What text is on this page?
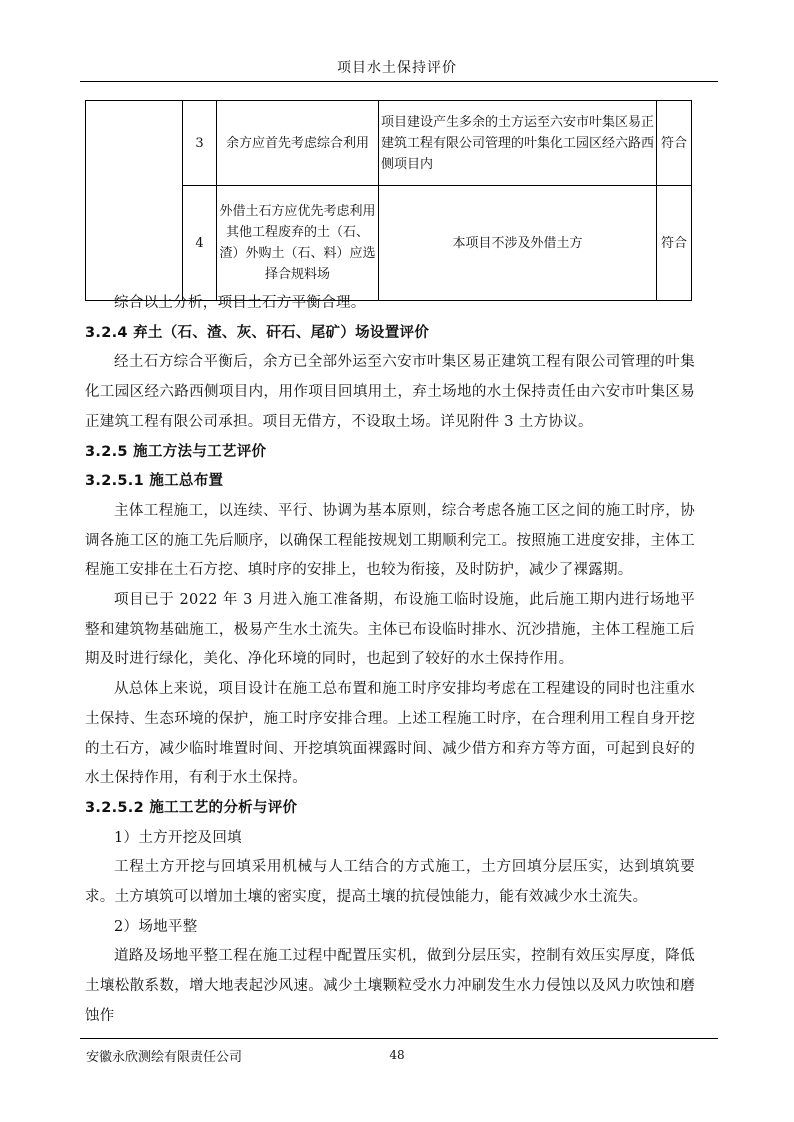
项目水土保持评价
	3	余方应首先考虑综合利用	项目建设产生多余的土方运至六安市叶集区易正建筑工程有限公司管理的叶集化工园区经六路西侧项目内	符合
	4	外借土石方应优先考虑利用其他工程废弃的土（石、渣）外购土（石、料）应选择合规料场	本项目不涉及外借土方	符合

综合以上分析，项目土石方平衡合理。

3.2.4 弃土（石、渣、灰、矸石、尾矿）场设置评价

经土石方综合平衡后，余方已全部外运至六安市叶集区易正建筑工程有限公司管理的叶集化工园区经六路西侧项目内，用作项目回填用土，弃土场地的水土保持责任由六安市叶集区易正建筑工程有限公司承担。项目无借方，不设取土场。详见附件 3 土方协议。

3.2.5 施工方法与工艺评价

3.2.5.1 施工总布置

主体工程施工，以连续、平行、协调为基本原则，综合考虑各施工区之间的施工时序，协调各施工区的施工先后顺序，以确保工程能按规划工期顺利完工。按照施工进度安排，主体工程施工安排在土石方挖、填时序的安排上，也较为衔接，及时防护，减少了裸露期。

项目已于 2022 年 3 月进入施工准备期，布设施工临时设施，此后施工期内进行场地平整和建筑物基础施工，极易产生水土流失。主体已布设临时排水、沉沙措施，主体工程施工后期及时进行绿化，美化、净化环境的同时，也起到了较好的水土保持作用。

从总体上来说，项目设计在施工总布置和施工时序安排均考虑在工程建设的同时也注重水土保持、生态环境的保护，施工时序安排合理。上述工程施工时序，在合理利用工程自身开挖的土石方，减少临时堆置时间、开挖填筑面裸露时间、减少借方和弃方等方面，可起到良好的水土保持作用，有利于水土保持。

3.2.5.2 施工工艺的分析与评价

1）土方开挖及回填

工程土方开挖与回填采用机械与人工结合的方式施工，土方回填分层压实，达到填筑要求。土方填筑可以增加土壤的密实度，提高土壤的抗侵蚀能力，能有效减少水土流失。

2）场地平整

道路及场地平整工程在施工过程中配置压实机，做到分层压实，控制有效压实厚度，降低土壤松散系数，增大地表起沙风速。减少土壤颗粒受水力冲刷发生水力侵蚀以及风力吹蚀和磨蚀作

安徽永欣测绘有限责任公司	48
